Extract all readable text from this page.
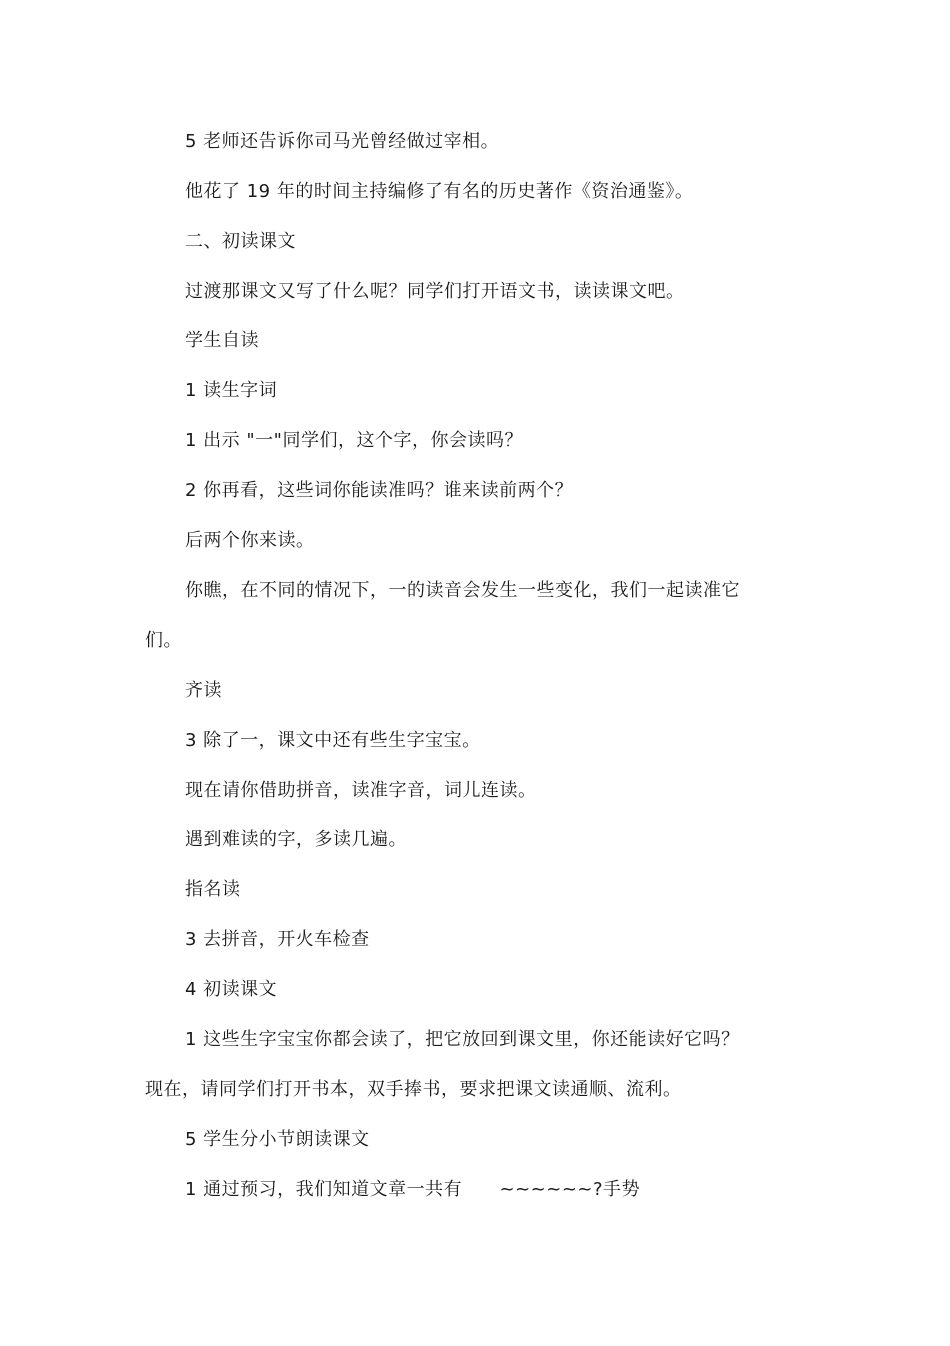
5 老师还告诉你司马光曾经做过宰相。
他花了 19 年的时间主持编修了有名的历史著作《资治通鉴》。
二、初读课文
过渡那课文又写了什么呢？同学们打开语文书，读读课文吧。
学生自读
1 读生字词
1 出示 "一"同学们，这个字，你会读吗？
2 你再看，这些词你能读准吗？谁来读前两个？
后两个你来读。
你瞧，在不同的情况下，一的读音会发生一些变化，我们一起读准它
们。
齐读
3 除了一，课文中还有些生字宝宝。
现在请你借助拼音，读准字音，词儿连读。
遇到难读的字，多读几遍。
指名读
3 去拼音，开火车检查
4 初读课文
1 这些生字宝宝你都会读了，把它放回到课文里，你还能读好它吗？
现在，请同学们打开书本，双手捧书，要求把课文读通顺、流利。
5 学生分小节朗读课文
1 通过预习，我们知道文章一共有      ~~~~~~?手势
